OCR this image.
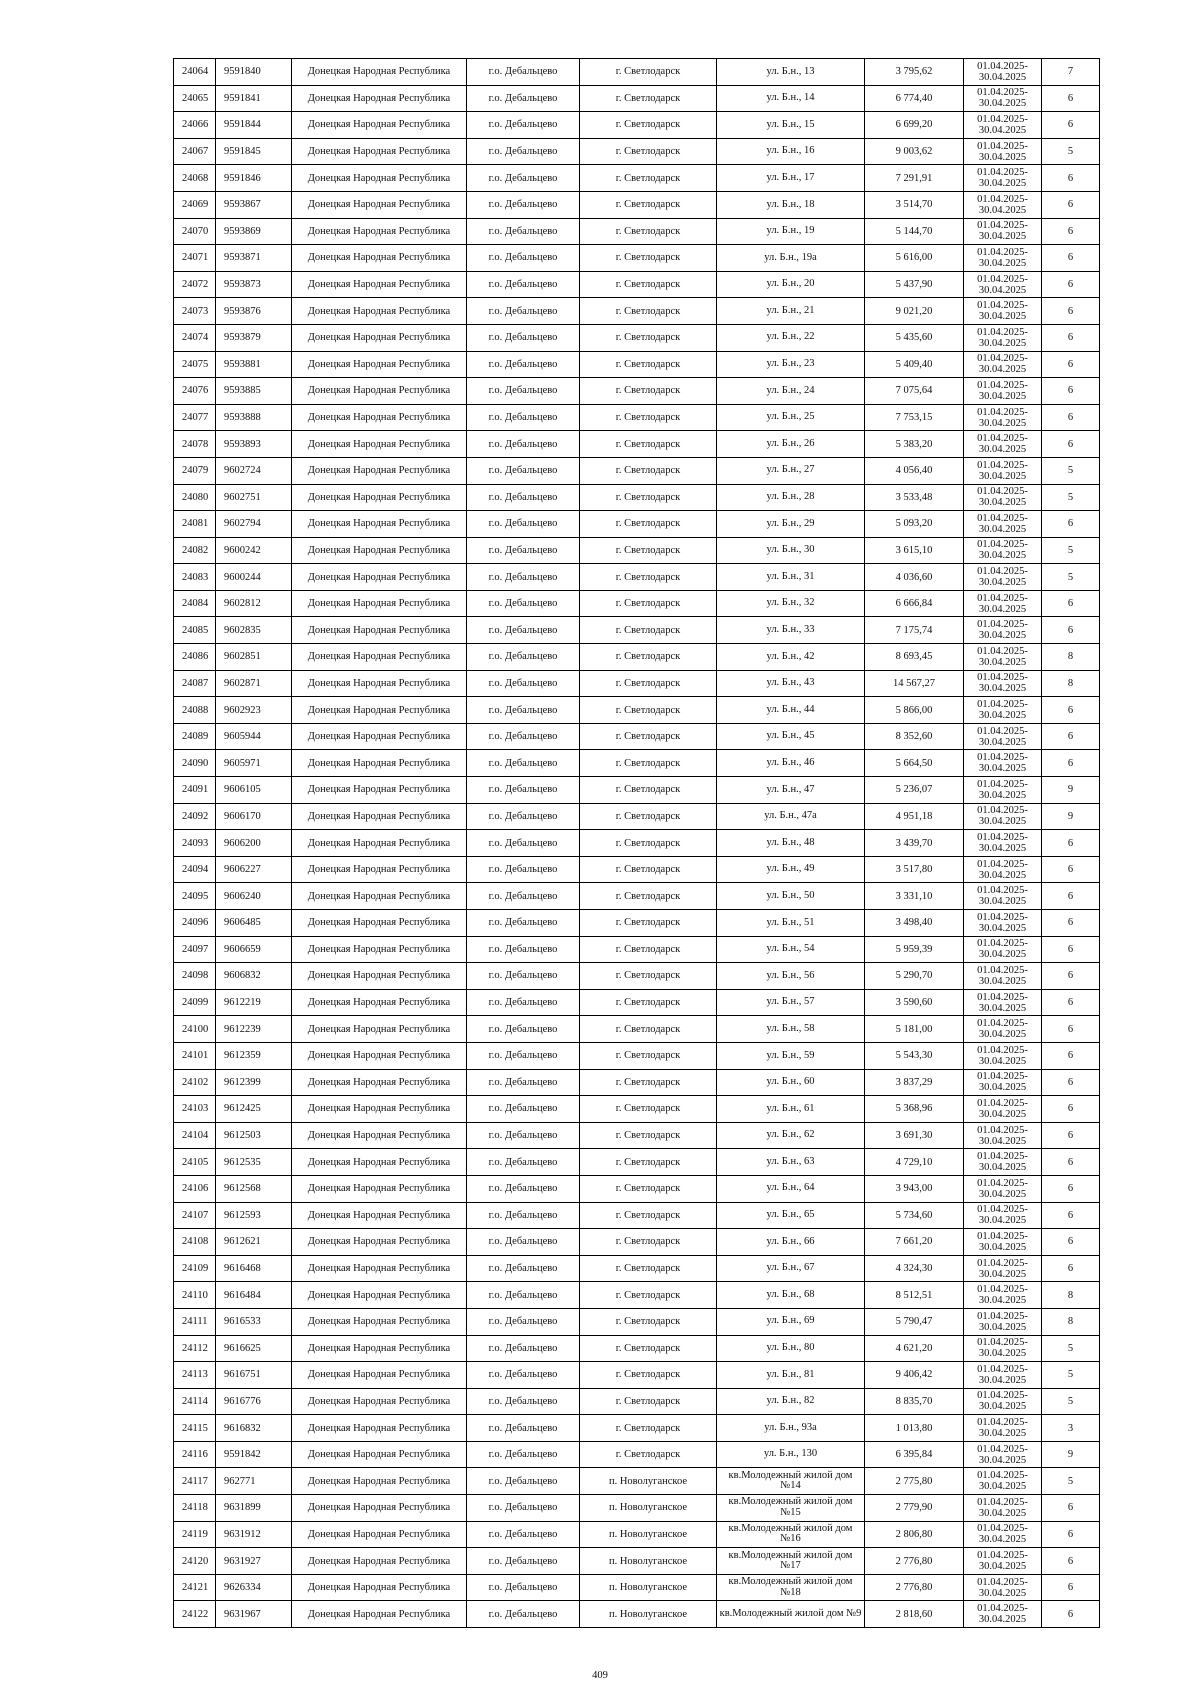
24064	9591840	Донецкая Народная Республика	г.о. Дебальцево	г. Светлодарск	ул. Б.н., 13	3 795,62	01.04.2025-30.04.2025	7
24065	9591841	Донецкая Народная Республика	г.о. Дебальцево	г. Светлодарск	ул. Б.н., 14	6 774,40	01.04.2025-30.04.2025	6
24066	9591844	Донецкая Народная Республика	г.о. Дебальцево	г. Светлодарск	ул. Б.н., 15	6 699,20	01.04.2025-30.04.2025	6
24067	9591845	Донецкая Народная Республика	г.о. Дебальцево	г. Светлодарск	ул. Б.н., 16	9 003,62	01.04.2025-30.04.2025	5
24068	9591846	Донецкая Народная Республика	г.о. Дебальцево	г. Светлодарск	ул. Б.н., 17	7 291,91	01.04.2025-30.04.2025	6
24069	9593867	Донецкая Народная Республика	г.о. Дебальцево	г. Светлодарск	ул. Б.н., 18	3 514,70	01.04.2025-30.04.2025	6
24070	9593869	Донецкая Народная Республика	г.о. Дебальцево	г. Светлодарск	ул. Б.н., 19	5 144,70	01.04.2025-30.04.2025	6
24071	9593871	Донецкая Народная Республика	г.о. Дебальцево	г. Светлодарск	ул. Б.н., 19а	5 616,00	01.04.2025-30.04.2025	6
24072	9593873	Донецкая Народная Республика	г.о. Дебальцево	г. Светлодарск	ул. Б.н., 20	5 437,90	01.04.2025-30.04.2025	6
24073	9593876	Донецкая Народная Республика	г.о. Дебальцево	г. Светлодарск	ул. Б.н., 21	9 021,20	01.04.2025-30.04.2025	6
24074	9593879	Донецкая Народная Республика	г.о. Дебальцево	г. Светлодарск	ул. Б.н., 22	5 435,60	01.04.2025-30.04.2025	6
24075	9593881	Донецкая Народная Республика	г.о. Дебальцево	г. Светлодарск	ул. Б.н., 23	5 409,40	01.04.2025-30.04.2025	6
24076	9593885	Донецкая Народная Республика	г.о. Дебальцево	г. Светлодарск	ул. Б.н., 24	7 075,64	01.04.2025-30.04.2025	6
24077	9593888	Донецкая Народная Республика	г.о. Дебальцево	г. Светлодарск	ул. Б.н., 25	7 753,15	01.04.2025-30.04.2025	6
24078	9593893	Донецкая Народная Республика	г.о. Дебальцево	г. Светлодарск	ул. Б.н., 26	5 383,20	01.04.2025-30.04.2025	6
24079	9602724	Донецкая Народная Республика	г.о. Дебальцево	г. Светлодарск	ул. Б.н., 27	4 056,40	01.04.2025-30.04.2025	5
24080	9602751	Донецкая Народная Республика	г.о. Дебальцево	г. Светлодарск	ул. Б.н., 28	3 533,48	01.04.2025-30.04.2025	5
24081	9602794	Донецкая Народная Республика	г.о. Дебальцево	г. Светлодарск	ул. Б.н., 29	5 093,20	01.04.2025-30.04.2025	6
24082	9600242	Донецкая Народная Республика	г.о. Дебальцево	г. Светлодарск	ул. Б.н., 30	3 615,10	01.04.2025-30.04.2025	5
24083	9600244	Донецкая Народная Республика	г.о. Дебальцево	г. Светлодарск	ул. Б.н., 31	4 036,60	01.04.2025-30.04.2025	5
24084	9602812	Донецкая Народная Республика	г.о. Дебальцево	г. Светлодарск	ул. Б.н., 32	6 666,84	01.04.2025-30.04.2025	6
24085	9602835	Донецкая Народная Республика	г.о. Дебальцево	г. Светлодарск	ул. Б.н., 33	7 175,74	01.04.2025-30.04.2025	6
24086	9602851	Донецкая Народная Республика	г.о. Дебальцево	г. Светлодарск	ул. Б.н., 42	8 693,45	01.04.2025-30.04.2025	8
24087	9602871	Донецкая Народная Республика	г.о. Дебальцево	г. Светлодарск	ул. Б.н., 43	14 567,27	01.04.2025-30.04.2025	8
24088	9602923	Донецкая Народная Республика	г.о. Дебальцево	г. Светлодарск	ул. Б.н., 44	5 866,00	01.04.2025-30.04.2025	6
24089	9605944	Донецкая Народная Республика	г.о. Дебальцево	г. Светлодарск	ул. Б.н., 45	8 352,60	01.04.2025-30.04.2025	6
24090	9605971	Донецкая Народная Республика	г.о. Дебальцево	г. Светлодарск	ул. Б.н., 46	5 664,50	01.04.2025-30.04.2025	6
24091	9606105	Донецкая Народная Республика	г.о. Дебальцево	г. Светлодарск	ул. Б.н., 47	5 236,07	01.04.2025-30.04.2025	9
24092	9606170	Донецкая Народная Республика	г.о. Дебальцево	г. Светлодарск	ул. Б.н., 47а	4 951,18	01.04.2025-30.04.2025	9
24093	9606200	Донецкая Народная Республика	г.о. Дебальцево	г. Светлодарск	ул. Б.н., 48	3 439,70	01.04.2025-30.04.2025	6
24094	9606227	Донецкая Народная Республика	г.о. Дебальцево	г. Светлодарск	ул. Б.н., 49	3 517,80	01.04.2025-30.04.2025	6
24095	9606240	Донецкая Народная Республика	г.о. Дебальцево	г. Светлодарск	ул. Б.н., 50	3 331,10	01.04.2025-30.04.2025	6
24096	9606485	Донецкая Народная Республика	г.о. Дебальцево	г. Светлодарск	ул. Б.н., 51	3 498,40	01.04.2025-30.04.2025	6
24097	9606659	Донецкая Народная Республика	г.о. Дебальцево	г. Светлодарск	ул. Б.н., 54	5 959,39	01.04.2025-30.04.2025	6
24098	9606832	Донецкая Народная Республика	г.о. Дебальцево	г. Светлодарск	ул. Б.н., 56	5 290,70	01.04.2025-30.04.2025	6
24099	9612219	Донецкая Народная Республика	г.о. Дебальцево	г. Светлодарск	ул. Б.н., 57	3 590,60	01.04.2025-30.04.2025	6
24100	9612239	Донецкая Народная Республика	г.о. Дебальцево	г. Светлодарск	ул. Б.н., 58	5 181,00	01.04.2025-30.04.2025	6
24101	9612359	Донецкая Народная Республика	г.о. Дебальцево	г. Светлодарск	ул. Б.н., 59	5 543,30	01.04.2025-30.04.2025	6
24102	9612399	Донецкая Народная Республика	г.о. Дебальцево	г. Светлодарск	ул. Б.н., 60	3 837,29	01.04.2025-30.04.2025	6
24103	9612425	Донецкая Народная Республика	г.о. Дебальцево	г. Светлодарск	ул. Б.н., 61	5 368,96	01.04.2025-30.04.2025	6
24104	9612503	Донецкая Народная Республика	г.о. Дебальцево	г. Светлодарск	ул. Б.н., 62	3 691,30	01.04.2025-30.04.2025	6
24105	9612535	Донецкая Народная Республика	г.о. Дебальцево	г. Светлодарск	ул. Б.н., 63	4 729,10	01.04.2025-30.04.2025	6
24106	9612568	Донецкая Народная Республика	г.о. Дебальцево	г. Светлодарск	ул. Б.н., 64	3 943,00	01.04.2025-30.04.2025	6
24107	9612593	Донецкая Народная Республика	г.о. Дебальцево	г. Светлодарск	ул. Б.н., 65	5 734,60	01.04.2025-30.04.2025	6
24108	9612621	Донецкая Народная Республика	г.о. Дебальцево	г. Светлодарск	ул. Б.н., 66	7 661,20	01.04.2025-30.04.2025	6
24109	9616468	Донецкая Народная Республика	г.о. Дебальцево	г. Светлодарск	ул. Б.н., 67	4 324,30	01.04.2025-30.04.2025	6
24110	9616484	Донецкая Народная Республика	г.о. Дебальцево	г. Светлодарск	ул. Б.н., 68	8 512,51	01.04.2025-30.04.2025	8
24111	9616533	Донецкая Народная Республика	г.о. Дебальцево	г. Светлодарск	ул. Б.н., 69	5 790,47	01.04.2025-30.04.2025	8
24112	9616625	Донецкая Народная Республика	г.о. Дебальцево	г. Светлодарск	ул. Б.н., 80	4 621,20	01.04.2025-30.04.2025	5
24113	9616751	Донецкая Народная Республика	г.о. Дебальцево	г. Светлодарск	ул. Б.н., 81	9 406,42	01.04.2025-30.04.2025	5
24114	9616776	Донецкая Народная Республика	г.о. Дебальцево	г. Светлодарск	ул. Б.н., 82	8 835,70	01.04.2025-30.04.2025	5
24115	9616832	Донецкая Народная Республика	г.о. Дебальцево	г. Светлодарск	ул. Б.н., 93а	1 013,80	01.04.2025-30.04.2025	3
24116	9591842	Донецкая Народная Республика	г.о. Дебальцево	г. Светлодарск	ул. Б.н., 130	6 395,84	01.04.2025-30.04.2025	9
24117	962771	Донецкая Народная Республика	г.о. Дебальцево	п. Новолуганское	кв.Молодежный жилой дом №14	2 775,80	01.04.2025-30.04.2025	5
24118	9631899	Донецкая Народная Республика	г.о. Дебальцево	п. Новолуганское	кв.Молодежный жилой дом №15	2 779,90	01.04.2025-30.04.2025	6
24119	9631912	Донецкая Народная Республика	г.о. Дебальцево	п. Новолуганское	кв.Молодежный жилой дом №16	2 806,80	01.04.2025-30.04.2025	6
24120	9631927	Донецкая Народная Республика	г.о. Дебальцево	п. Новолуганское	кв.Молодежный жилой дом №17	2 776,80	01.04.2025-30.04.2025	6
24121	9626334	Донецкая Народная Республика	г.о. Дебальцево	п. Новолуганское	кв.Молодежный жилой дом №18	2 776,80	01.04.2025-30.04.2025	6
24122	9631967	Донецкая Народная Республика	г.о. Дебальцево	п. Новолуганское	кв.Молодежный жилой дом №9	2 818,60	01.04.2025-30.04.2025	6
409
